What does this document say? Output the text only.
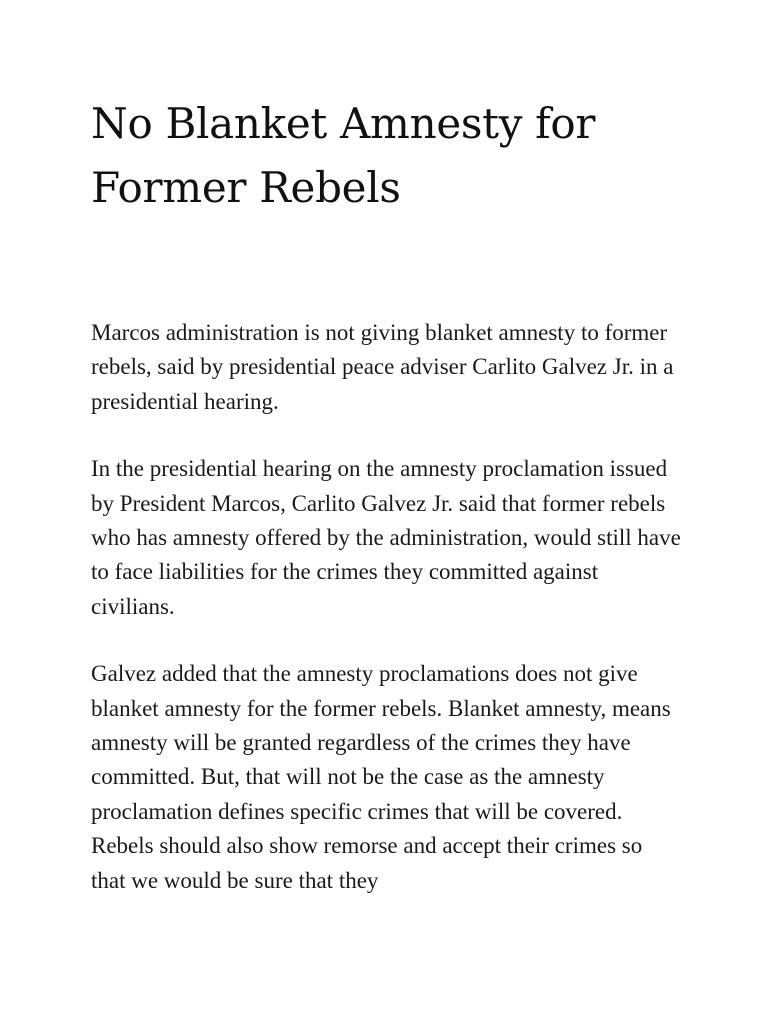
No Blanket Amnesty for Former Rebels

Marcos administration is not giving blanket amnesty to former rebels, said by presidential peace adviser Carlito Galvez Jr. in a presidential hearing.

In the presidential hearing on the amnesty proclamation issued by President Marcos, Carlito Galvez Jr. said that former rebels who has amnesty offered by the administration, would still have to face liabilities for the crimes they committed against civilians.

Galvez added that the amnesty proclamations does not give blanket amnesty for the former rebels. Blanket amnesty, means amnesty will be granted regardless of the crimes they have committed. But, that will not be the case as the amnesty proclamation defines specific crimes that will be covered. Rebels should also show remorse and accept their crimes so that we would be sure that they
